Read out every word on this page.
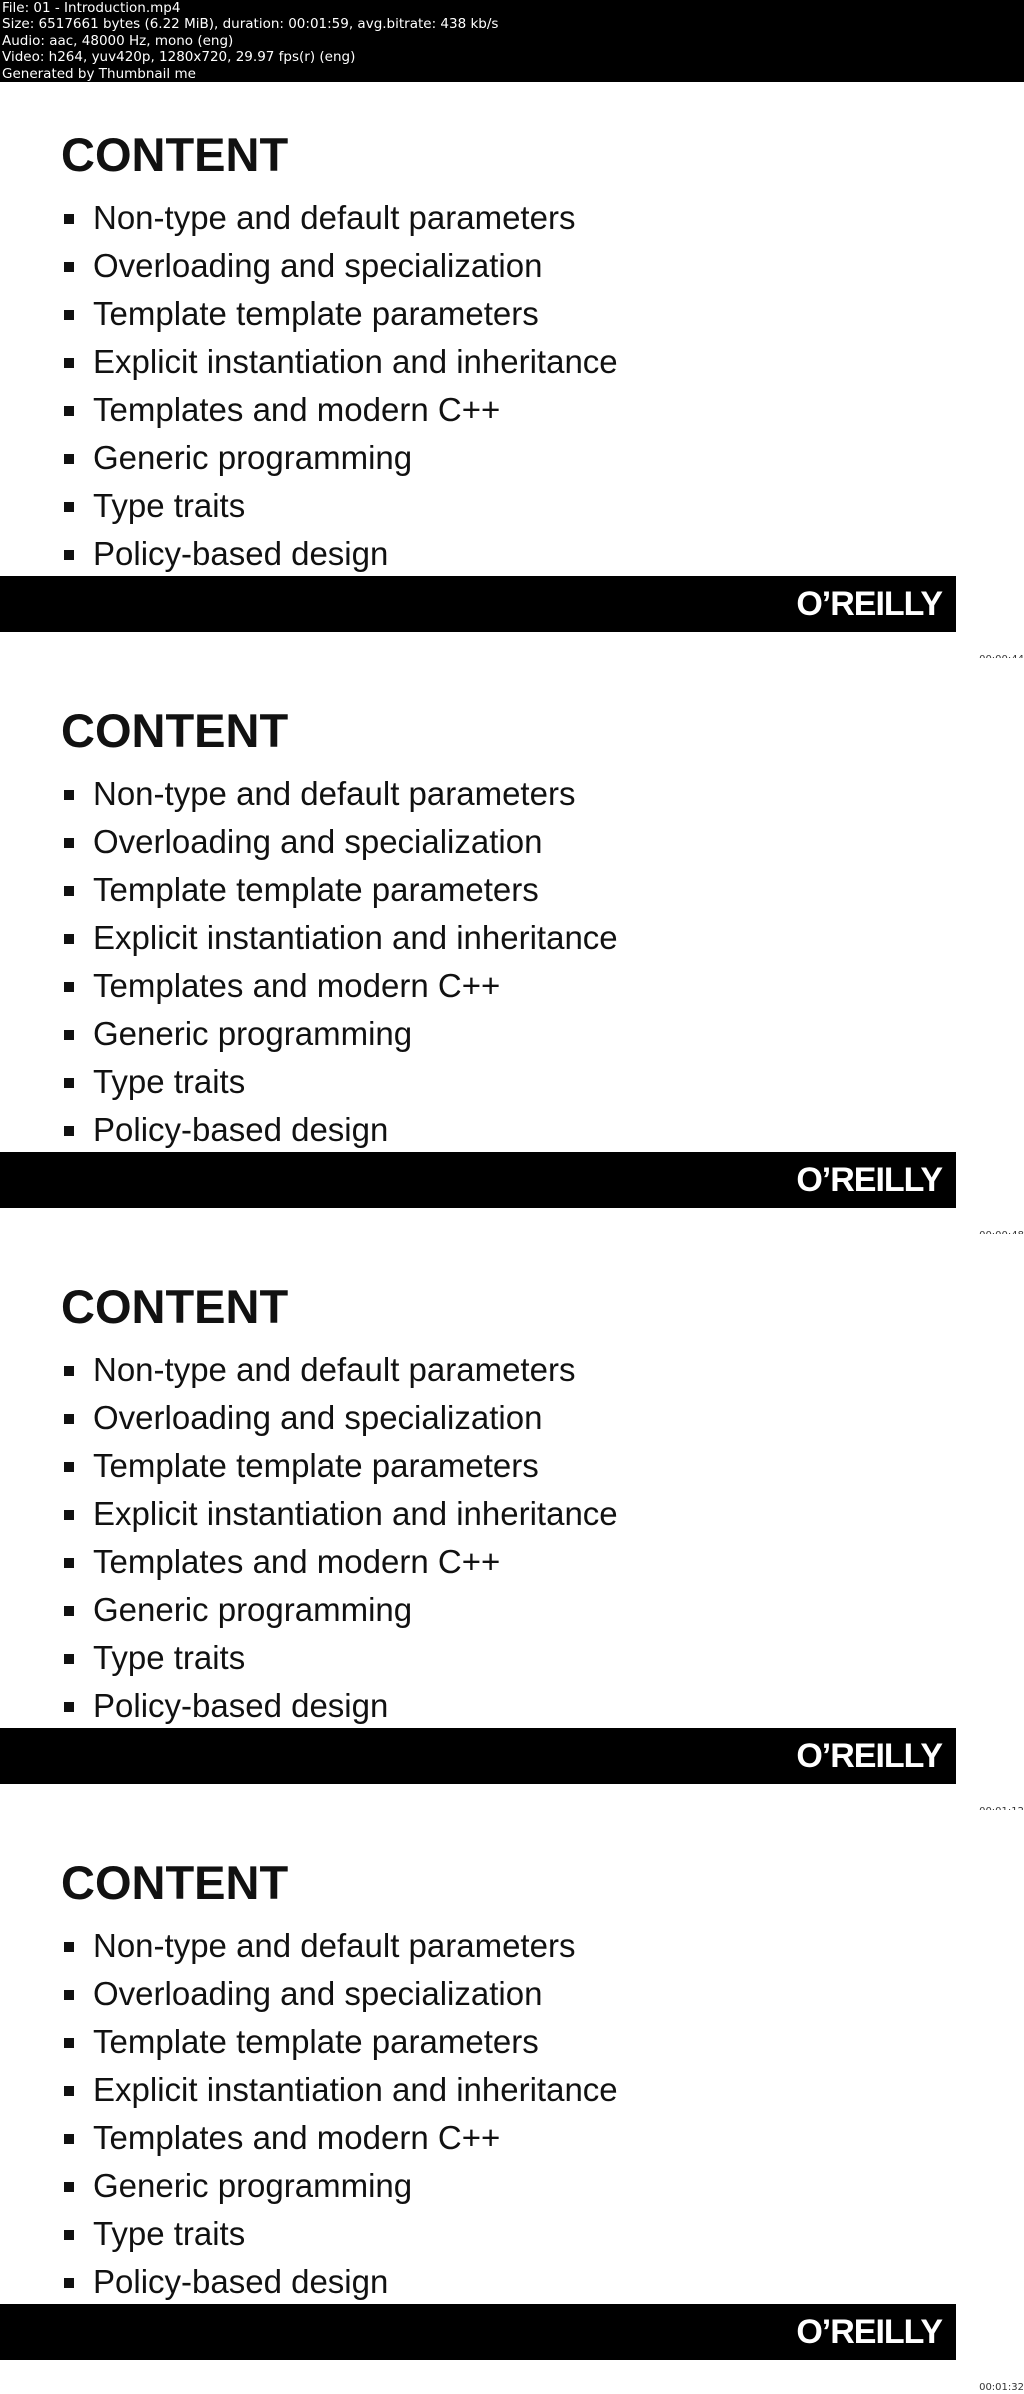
File: 01 - Introduction.mp4
Size: 6517661 bytes (6.22 MiB), duration: 00:01:59, avg.bitrate: 438 kb/s
Audio: aac, 48000 Hz, mono (eng)
Video: h264, yuv420p, 1280x720, 29.97 fps(r) (eng)
Generated by Thumbnail me
CONTENT
Non-type and default parameters
Overloading and specialization
Template template parameters
Explicit instantiation and inheritance
Templates and modern C++
Generic programming
Type traits
Policy-based design
O’REILLY
CONTENT
Non-type and default parameters
Overloading and specialization
Template template parameters
Explicit instantiation and inheritance
Templates and modern C++
Generic programming
Type traits
Policy-based design
O’REILLY
CONTENT
Non-type and default parameters
Overloading and specialization
Template template parameters
Explicit instantiation and inheritance
Templates and modern C++
Generic programming
Type traits
Policy-based design
O’REILLY
CONTENT
Non-type and default parameters
Overloading and specialization
Template template parameters
Explicit instantiation and inheritance
Templates and modern C++
Generic programming
Type traits
Policy-based design
O’REILLY
00:01:32
